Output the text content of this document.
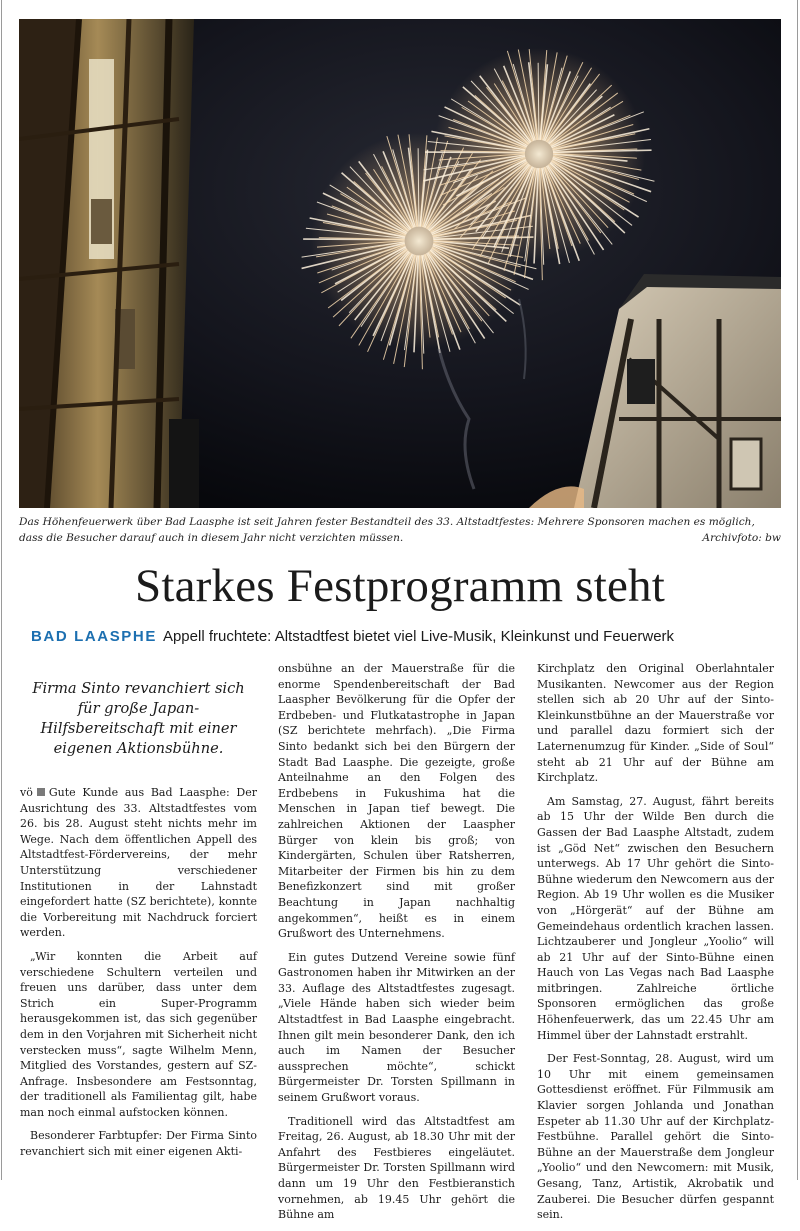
Das Höhenfeuerwerk über Bad Laasphe ist seit Jahren fester Bestandteil des 33. Altstadtfestes: Mehrere Sponsoren machen es möglich, dass die Besucher darauf auch in diesem Jahr nicht verzichten müssen.	Archivfoto: bw
Starkes Festprogramm steht
BAD LAASPHE Appell fruchtete: Altstadtfest bietet viel Live-Musik, Kleinkunst und Feuerwerk
Firma Sinto revanchiert sich für große Japan-Hilfsbereitschaft mit einer eigenen Aktionsbühne.

vö Gute Kunde aus Bad Laasphe: Der Ausrichtung des 33. Altstadtfestes vom 26. bis 28. August steht nichts mehr im Wege. Nach dem öffentlichen Appell des Altstadtfest-Fördervereins, der mehr Unterstützung verschiedener Institutionen in der Lahnstadt eingefordert hatte (SZ berichtete), konnte die Vorbereitung mit Nachdruck forciert werden.

„Wir konnten die Arbeit auf verschiedene Schultern verteilen und freuen uns darüber, dass unter dem Strich ein Super-Programm herausgekommen ist, das sich gegenüber dem in den Vorjahren mit Sicherheit nicht verstecken muss“, sagte Wilhelm Menn, Mitglied des Vorstandes, gestern auf SZ-Anfrage. Insbesondere am Festsonntag, der traditionell als Familientag gilt, habe man noch einmal aufstocken können.

Besonderer Farbtupfer: Der Firma Sinto revanchiert sich mit einer eigenen Akti-

onsbühne an der Mauerstraße für die enorme Spendenbereitschaft der Bad Laaspher Bevölkerung für die Opfer der Erdbeben- und Flutkatastrophe in Japan (SZ berichtete mehrfach). „Die Firma Sinto bedankt sich bei den Bürgern der Stadt Bad Laasphe. Die gezeigte, große Anteilnahme an den Folgen des Erdbebens in Fukushima hat die Menschen in Japan tief bewegt. Die zahlreichen Aktionen der Laaspher Bürger von klein bis groß; von Kindergärten, Schulen über Ratsherren, Mitarbeiter der Firmen bis hin zu dem Benefizkonzert sind mit großer Beachtung in Japan nachhaltig angekommen“, heißt es in einem Grußwort des Unternehmens.

Ein gutes Dutzend Vereine sowie fünf Gastronomen haben ihr Mitwirken an der 33. Auflage des Altstadtfestes zugesagt. „Viele Hände haben sich wieder beim Altstadtfest in Bad Laasphe eingebracht. Ihnen gilt mein besonderer Dank, den ich auch im Namen der Besucher aussprechen möchte“, schickt Bürgermeister Dr. Torsten Spillmann in seinem Grußwort voraus.

Traditionell wird das Altstadtfest am Freitag, 26. August, ab 18.30 Uhr mit der Anfahrt des Festbieres eingeläutet. Bürgermeister Dr. Torsten Spillmann wird dann um 19 Uhr den Festbieranstich vornehmen, ab 19.45 Uhr gehört die Bühne am

Kirchplatz den Original Oberlahntaler Musikanten. Newcomer aus der Region stellen sich ab 20 Uhr auf der Sinto-Kleinkunstbühne an der Mauerstraße vor und parallel dazu formiert sich der Laternenumzug für Kinder. „Side of Soul“ steht ab 21 Uhr auf der Bühne am Kirchplatz.

Am Samstag, 27. August, fährt bereits ab 15 Uhr der Wilde Ben durch die Gassen der Bad Laasphe Altstadt, zudem ist „Göd Net“ zwischen den Besuchern unterwegs. Ab 17 Uhr gehört die Sinto-Bühne wiederum den Newcomern aus der Region. Ab 19 Uhr wollen es die Musiker von „Hörgerät“ auf der Bühne am Gemeindehaus ordentlich krachen lassen. Lichtzauberer und Jongleur „Yoolio“ will ab 21 Uhr auf der Sinto-Bühne einen Hauch von Las Vegas nach Bad Laasphe mitbringen. Zahlreiche örtliche Sponsoren ermöglichen das große Höhenfeuerwerk, das um 22.45 Uhr am Himmel über der Lahnstadt erstrahlt.

Der Fest-Sonntag, 28. August, wird um 10 Uhr mit einem gemeinsamen Gottesdienst eröffnet. Für Filmmusik am Klavier sorgen Johlanda und Jonathan Espeter ab 11.30 Uhr auf der Kirchplatz-Festbühne. Parallel gehört die Sinto-Bühne an der Mauerstraße dem Jongleur „Yoolio“ und den Newcomern: mit Musik, Gesang, Tanz, Artistik, Akrobatik und Zauberei. Die Besucher dürfen gespannt sein.
